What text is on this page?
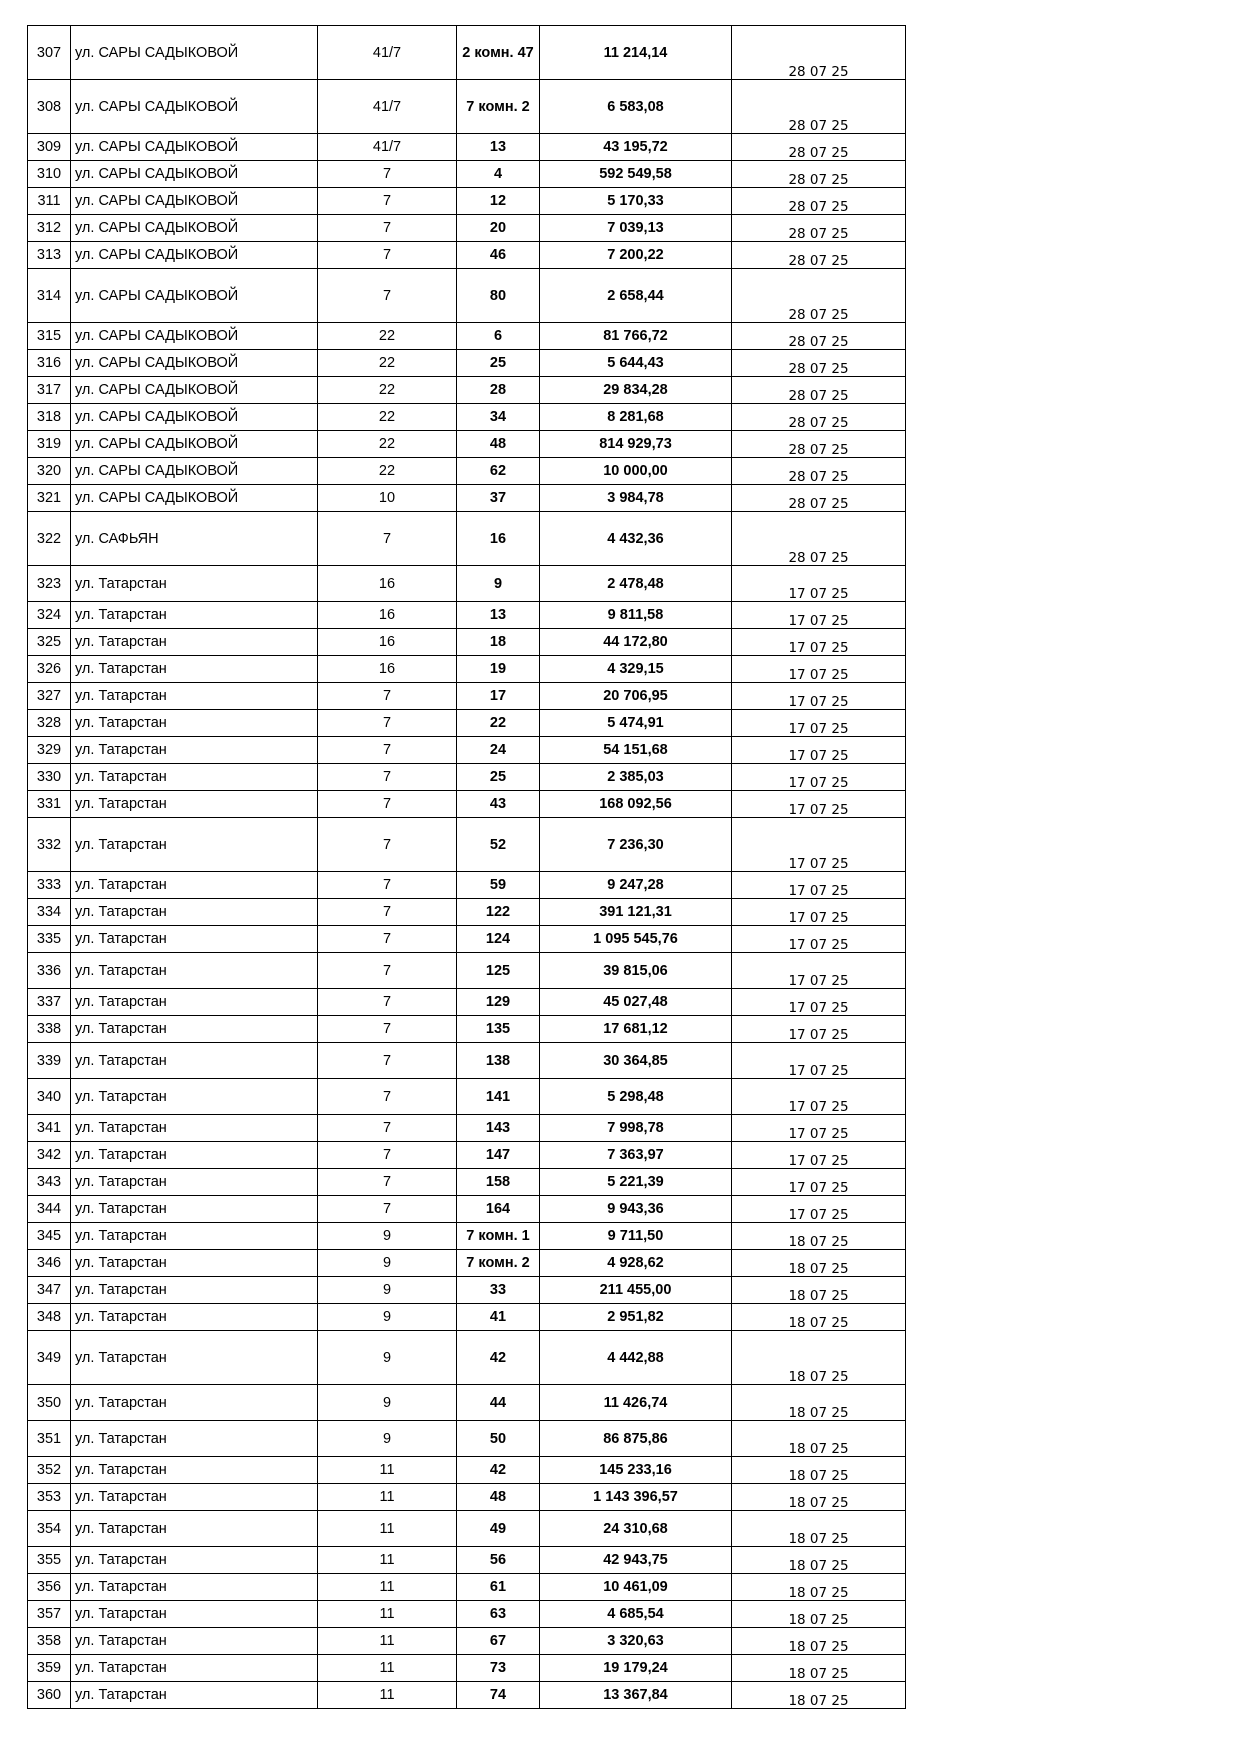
307	ул. САРЫ САДЫКОВОЙ	41/7	2 комн. 47	11 214,14	28 07 25
308	ул. САРЫ САДЫКОВОЙ	41/7	7 комн. 2	6 583,08	28 07 25
309	ул. САРЫ САДЫКОВОЙ	41/7	13	43 195,72	28 07 25
310	ул. САРЫ САДЫКОВОЙ	7	4	592 549,58	28 07 25
311	ул. САРЫ САДЫКОВОЙ	7	12	5 170,33	28 07 25
312	ул. САРЫ САДЫКОВОЙ	7	20	7 039,13	28 07 25
313	ул. САРЫ САДЫКОВОЙ	7	46	7 200,22	28 07 25
314	ул. САРЫ САДЫКОВОЙ	7	80	2 658,44	28 07 25
315	ул. САРЫ САДЫКОВОЙ	22	6	81 766,72	28 07 25
316	ул. САРЫ САДЫКОВОЙ	22	25	5 644,43	28 07 25
317	ул. САРЫ САДЫКОВОЙ	22	28	29 834,28	28 07 25
318	ул. САРЫ САДЫКОВОЙ	22	34	8 281,68	28 07 25
319	ул. САРЫ САДЫКОВОЙ	22	48	814 929,73	28 07 25
320	ул. САРЫ САДЫКОВОЙ	22	62	10 000,00	28 07 25
321	ул. САРЫ САДЫКОВОЙ	10	37	3 984,78	28 07 25
322	ул. САФЬЯН	7	16	4 432,36	28 07 25
323	ул. Татарстан	16	9	2 478,48	17 07 25
324	ул. Татарстан	16	13	9 811,58	17 07 25
325	ул. Татарстан	16	18	44 172,80	17 07 25
326	ул. Татарстан	16	19	4 329,15	17 07 25
327	ул. Татарстан	7	17	20 706,95	17 07 25
328	ул. Татарстан	7	22	5 474,91	17 07 25
329	ул. Татарстан	7	24	54 151,68	17 07 25
330	ул. Татарстан	7	25	2 385,03	17 07 25
331	ул. Татарстан	7	43	168 092,56	17 07 25
332	ул. Татарстан	7	52	7 236,30	17 07 25
333	ул. Татарстан	7	59	9 247,28	17 07 25
334	ул. Татарстан	7	122	391 121,31	17 07 25
335	ул. Татарстан	7	124	1 095 545,76	17 07 25
336	ул. Татарстан	7	125	39 815,06	17 07 25
337	ул. Татарстан	7	129	45 027,48	17 07 25
338	ул. Татарстан	7	135	17 681,12	17 07 25
339	ул. Татарстан	7	138	30 364,85	17 07 25
340	ул. Татарстан	7	141	5 298,48	17 07 25
341	ул. Татарстан	7	143	7 998,78	17 07 25
342	ул. Татарстан	7	147	7 363,97	17 07 25
343	ул. Татарстан	7	158	5 221,39	17 07 25
344	ул. Татарстан	7	164	9 943,36	17 07 25
345	ул. Татарстан	9	7 комн. 1	9 711,50	18 07 25
346	ул. Татарстан	9	7 комн. 2	4 928,62	18 07 25
347	ул. Татарстан	9	33	211 455,00	18 07 25
348	ул. Татарстан	9	41	2 951,82	18 07 25
349	ул. Татарстан	9	42	4 442,88	18 07 25
350	ул. Татарстан	9	44	11 426,74	18 07 25
351	ул. Татарстан	9	50	86 875,86	18 07 25
352	ул. Татарстан	11	42	145 233,16	18 07 25
353	ул. Татарстан	11	48	1 143 396,57	18 07 25
354	ул. Татарстан	11	49	24 310,68	18 07 25
355	ул. Татарстан	11	56	42 943,75	18 07 25
356	ул. Татарстан	11	61	10 461,09	18 07 25
357	ул. Татарстан	11	63	4 685,54	18 07 25
358	ул. Татарстан	11	67	3 320,63	18 07 25
359	ул. Татарстан	11	73	19 179,24	18 07 25
360	ул. Татарстан	11	74	13 367,84	18 07 25
